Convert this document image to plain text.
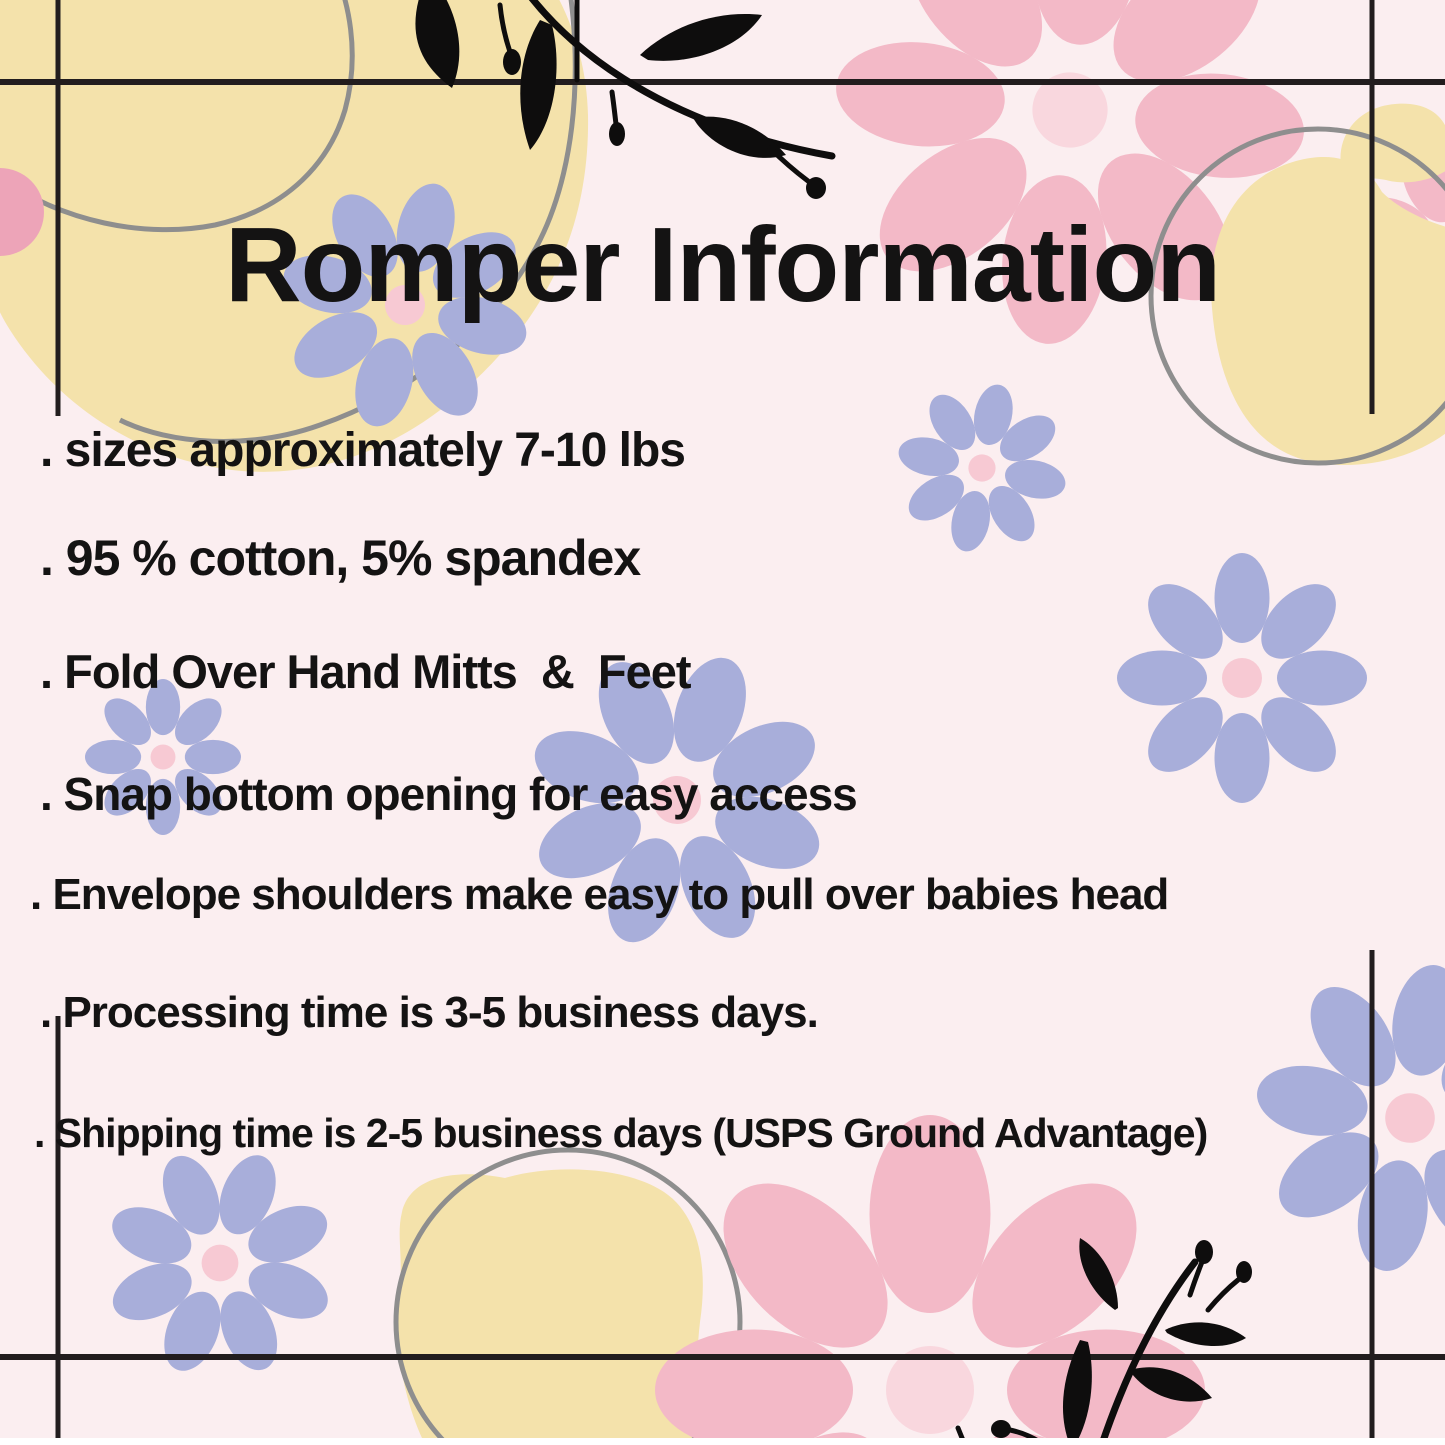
Romper Information
. sizes approximately 7-10 lbs
. 95 % cotton, 5% spandex
. Fold Over Hand Mitts  &  Feet
. Snap bottom opening for easy access
. Envelope shoulders make easy to pull over babies head
. Processing time is 3-5 business days.
. Shipping time is 2-5 business days (USPS Ground Advantage)
